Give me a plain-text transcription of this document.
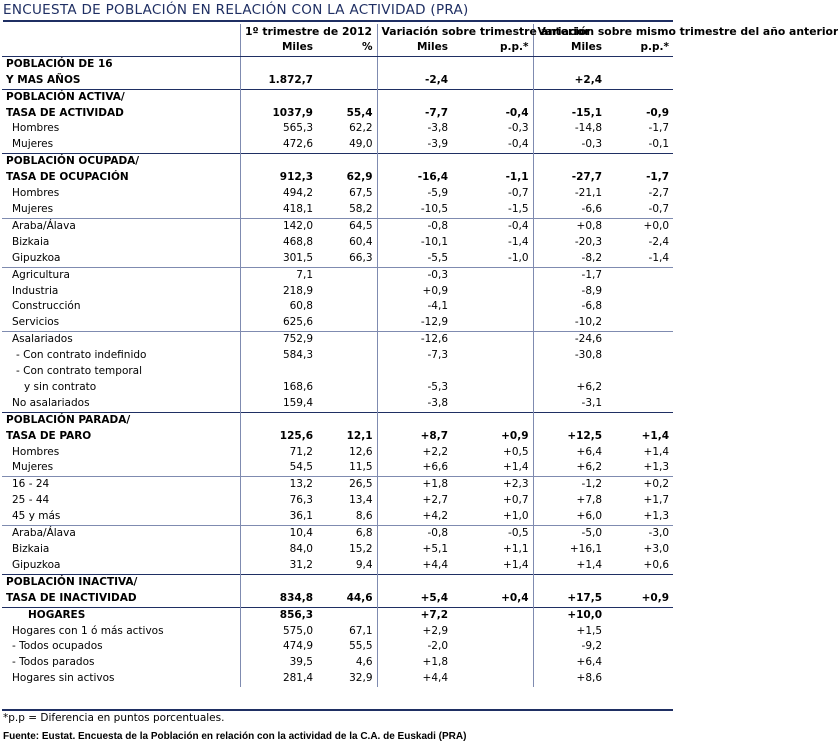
ENCUESTA DE POBLACIÓN EN RELACIÓN CON LA ACTIVIDAD (PRA)
	1º trimestre de 2012		Variación sobre trimestre anterior		Variación sobre mismo trimestre del año anterior	
	Miles	%	Miles	p.p.*	Miles	p.p.*
POBLACIÓN DE 16						
Y MAS AÑOS	1.872,7		-2,4		+2,4	
POBLACIÓN ACTIVA/						
TASA DE ACTIVIDAD	1037,9	55,4	-7,7	-0,4	-15,1	-0,9
Hombres	565,3	62,2	-3,8	-0,3	-14,8	-1,7
Mujeres	472,6	49,0	-3,9	-0,4	-0,3	-0,1
POBLACIÓN OCUPADA/						
TASA DE OCUPACIÓN	912,3	62,9	-16,4	-1,1	-27,7	-1,7
Hombres	494,2	67,5	-5,9	-0,7	-21,1	-2,7
Mujeres	418,1	58,2	-10,5	-1,5	-6,6	-0,7
Araba/Álava	142,0	64,5	-0,8	-0,4	+0,8	+0,0
Bizkaia	468,8	60,4	-10,1	-1,4	-20,3	-2,4
Gipuzkoa	301,5	66,3	-5,5	-1,0	-8,2	-1,4
Agricultura	7,1		-0,3		-1,7	
Industria	218,9		+0,9		-8,9	
Construcción	60,8		-4,1		-6,8	
Servicios	625,6		-12,9		-10,2	
Asalariados	752,9		-12,6		-24,6	
- Con contrato indefinido	584,3		-7,3		-30,8	
- Con contrato temporal						
y sin contrato	168,6		-5,3		+6,2	
No asalariados	159,4		-3,8		-3,1	
POBLACIÓN PARADA/						
TASA DE PARO	125,6	12,1	+8,7	+0,9	+12,5	+1,4
Hombres	71,2	12,6	+2,2	+0,5	+6,4	+1,4
Mujeres	54,5	11,5	+6,6	+1,4	+6,2	+1,3
16 - 24	13,2	26,5	+1,8	+2,3	-1,2	+0,2
25 - 44	76,3	13,4	+2,7	+0,7	+7,8	+1,7
45 y más	36,1	8,6	+4,2	+1,0	+6,0	+1,3
Araba/Álava	10,4	6,8	-0,8	-0,5	-5,0	-3,0
Bizkaia	84,0	15,2	+5,1	+1,1	+16,1	+3,0
Gipuzkoa	31,2	9,4	+4,4	+1,4	+1,4	+0,6
POBLACIÓN INACTIVA/						
TASA DE INACTIVIDAD	834,8	44,6	+5,4	+0,4	+17,5	+0,9
HOGARES	856,3		+7,2		+10,0	
Hogares con 1 ó más activos	575,0	67,1	+2,9		+1,5	
- Todos ocupados	474,9	55,5	-2,0		-9,2	
- Todos parados	39,5	4,6	+1,8		+6,4	
Hogares sin activos	281,4	32,9	+4,4		+8,6	
*p.p = Diferencia en puntos porcentuales.
Fuente: Eustat. Encuesta de la Población en relación con la actividad de la C.A. de Euskadi (PRA)
